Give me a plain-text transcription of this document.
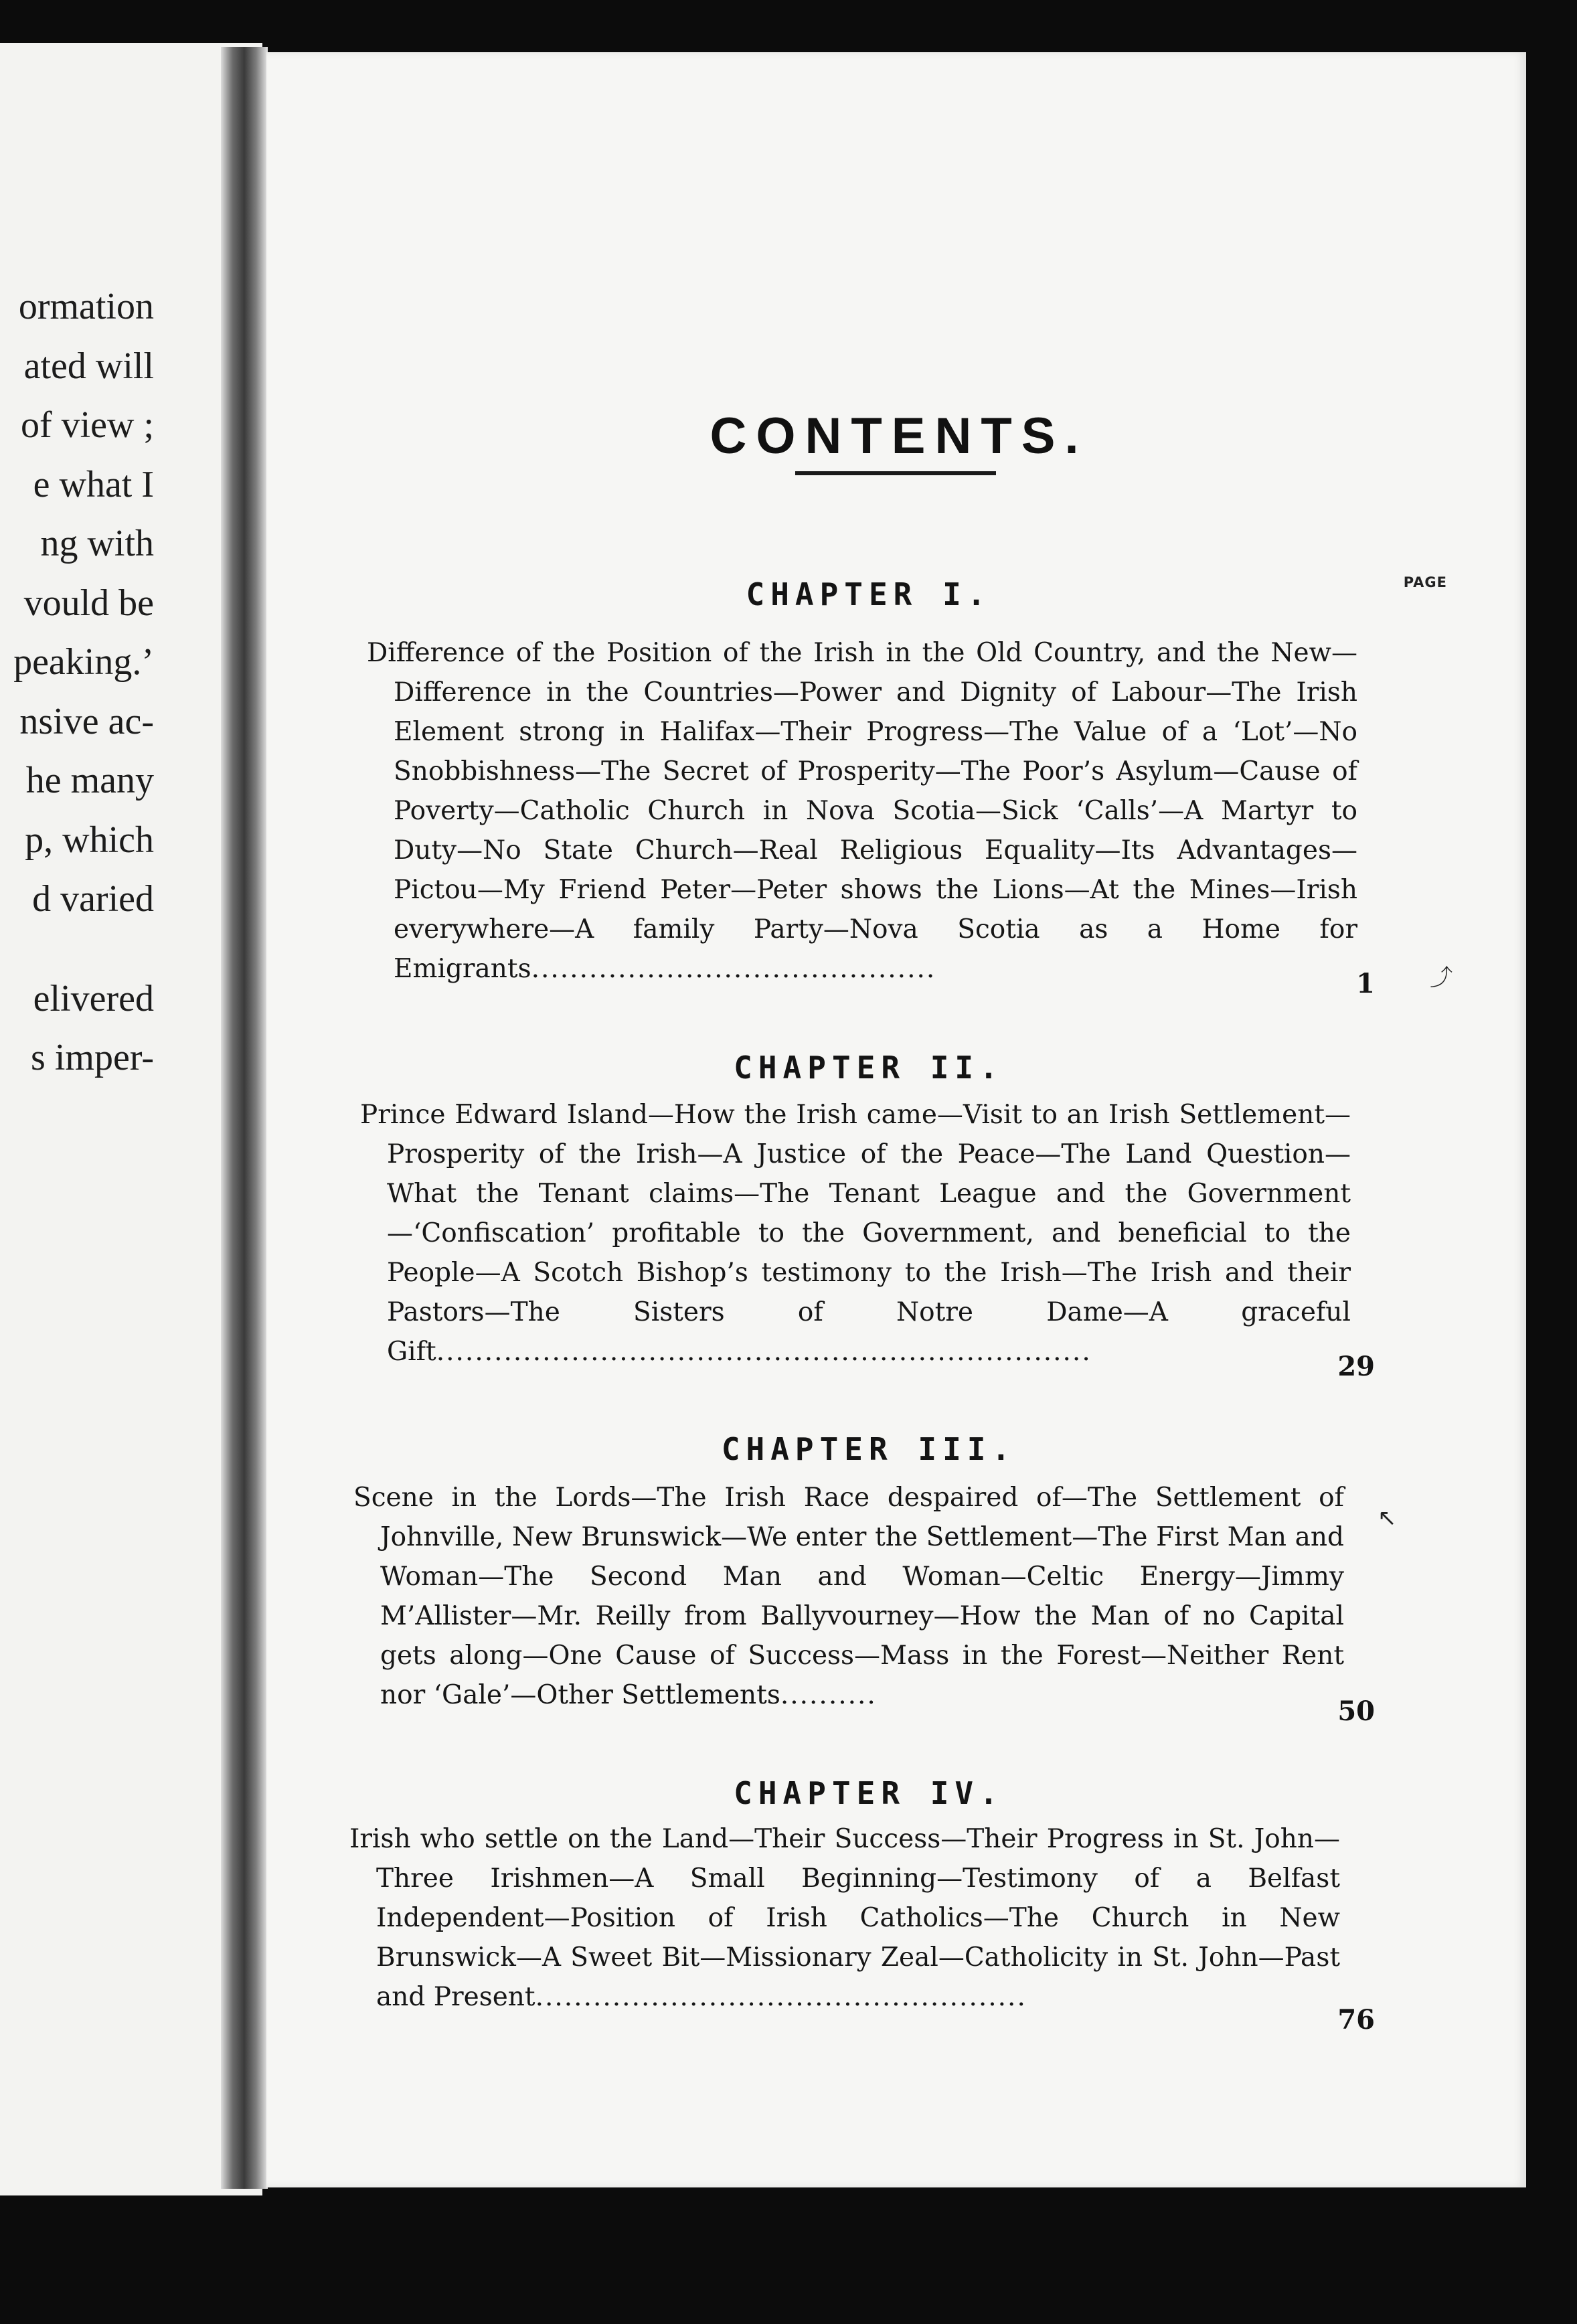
ormation
ated will
of view ;
e what I
ng with
vould be
peaking.’
nsive ac-
he many
p, which
d varied
elivered
s imper-
CONTENTS.
CHAPTER I.	PAGE
Difference of the Position of the Irish in the Old Country, and the New—Difference in the Countries—Power and Dignity of Labour—The Irish Element strong in Halifax—Their Progress—The Value of a ‘Lot’—No Snobbishness—The Secret of Prosperity—The Poor’s Asylum—Cause of Poverty—Catholic Church in Nova Scotia—Sick ‘Calls’—A Martyr to Duty—No State Church—Real Religious Equality—Its Advantages—Pictou—My Friend Peter—Peter shows the Lions—At the Mines—Irish everywhere—A family Party—Nova Scotia as a Home for Emigrants..........................................	1 ⤴
CHAPTER II.
Prince Edward Island—How the Irish came—Visit to an Irish Settlement—Prosperity of the Irish—A Justice of the Peace—The Land Question—What the Tenant claims—The Tenant League and the Government—‘Confiscation’ profitable to the Government, and beneficial to the People—A Scotch Bishop’s testimony to the Irish—The Irish and their Pastors—The Sisters of Notre Dame—A graceful Gift....................................................................	29
CHAPTER III.
Scene in the Lords—The Irish Race despaired of—The Settlement of Johnville, New Brunswick—We enter the Settlement—The First Man and Woman—The Second Man and Woman—Celtic Energy—Jimmy M’Allister—Mr. Reilly from Ballyvourney—How the Man of no Capital gets along—One Cause of Success—Mass in the Forest—Neither Rent nor ‘Gale’—Other Settlements..........
50
↖
CHAPTER IV.
Irish who settle on the Land—Their Success—Their Progress in St. John—Three Irishmen—A Small Beginning—Testimony of a Belfast Independent—Position of Irish Catholics—The Church in New Brunswick—A Sweet Bit—Missionary Zeal—Catholicity in St. John—Past and Present...................................................
76
